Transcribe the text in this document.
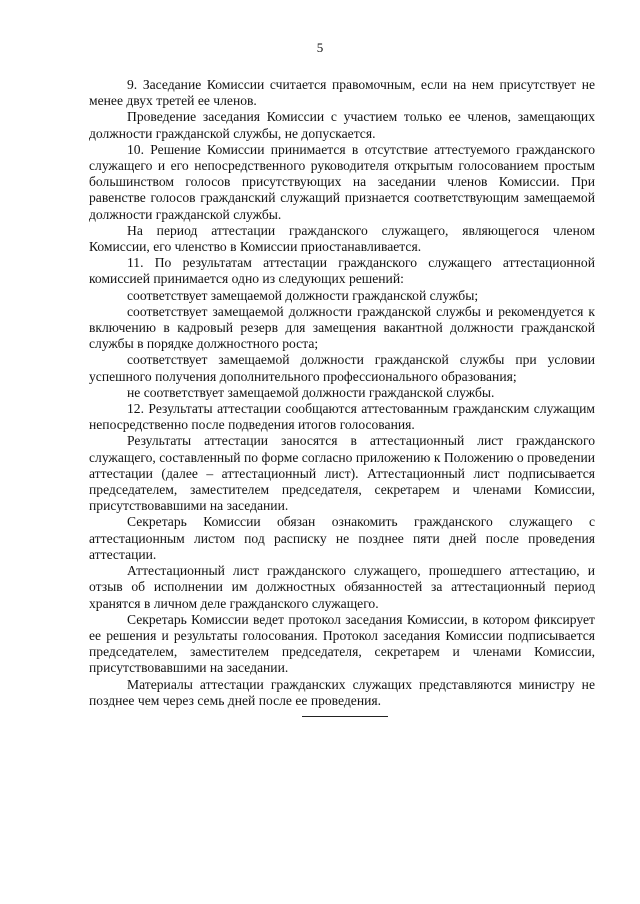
5

9. Заседание Комиссии считается правомочным, если на нем присутствует не менее двух третей ее членов.

Проведение заседания Комиссии с участием только ее членов, замещающих должности гражданской службы, не допускается.

10. Решение Комиссии принимается в отсутствие аттестуемого гражданского служащего и его непосредственного руководителя открытым голосованием простым большинством голосов присутствующих на заседании членов Комиссии. При равенстве голосов гражданский служащий признается соответствующим замещаемой должности гражданской службы.

На период аттестации гражданского служащего, являющегося членом Комиссии, его членство в Комиссии приостанавливается.

11. По результатам аттестации гражданского служащего аттестационной комиссией принимается одно из следующих решений:

соответствует замещаемой должности гражданской службы;

соответствует замещаемой должности гражданской службы и рекомендуется к включению в кадровый резерв для замещения вакантной должности гражданской службы в порядке должностного роста;

соответствует замещаемой должности гражданской службы при условии успешного получения дополнительного профессионального образования;

не соответствует замещаемой должности гражданской службы.

12. Результаты аттестации сообщаются аттестованным гражданским служащим непосредственно после подведения итогов голосования.

Результаты аттестации заносятся в аттестационный лист гражданского служащего, составленный по форме согласно приложению к Положению о проведении аттестации (далее – аттестационный лист). Аттестационный лист подписывается председателем, заместителем председателя, секретарем и членами Комиссии, присутствовавшими на заседании.

Секретарь Комиссии обязан ознакомить гражданского служащего с аттестационным листом под расписку не позднее пяти дней после проведения аттестации.

Аттестационный лист гражданского служащего, прошедшего аттестацию, и отзыв об исполнении им должностных обязанностей за аттестационный период хранятся в личном деле гражданского служащего.

Секретарь Комиссии ведет протокол заседания Комиссии, в котором фиксирует ее решения и результаты голосования. Протокол заседания Комиссии подписывается председателем, заместителем председателя, секретарем и членами Комиссии, присутствовавшими на заседании.

Материалы аттестации гражданских служащих представляются министру не позднее чем через семь дней после ее проведения.
